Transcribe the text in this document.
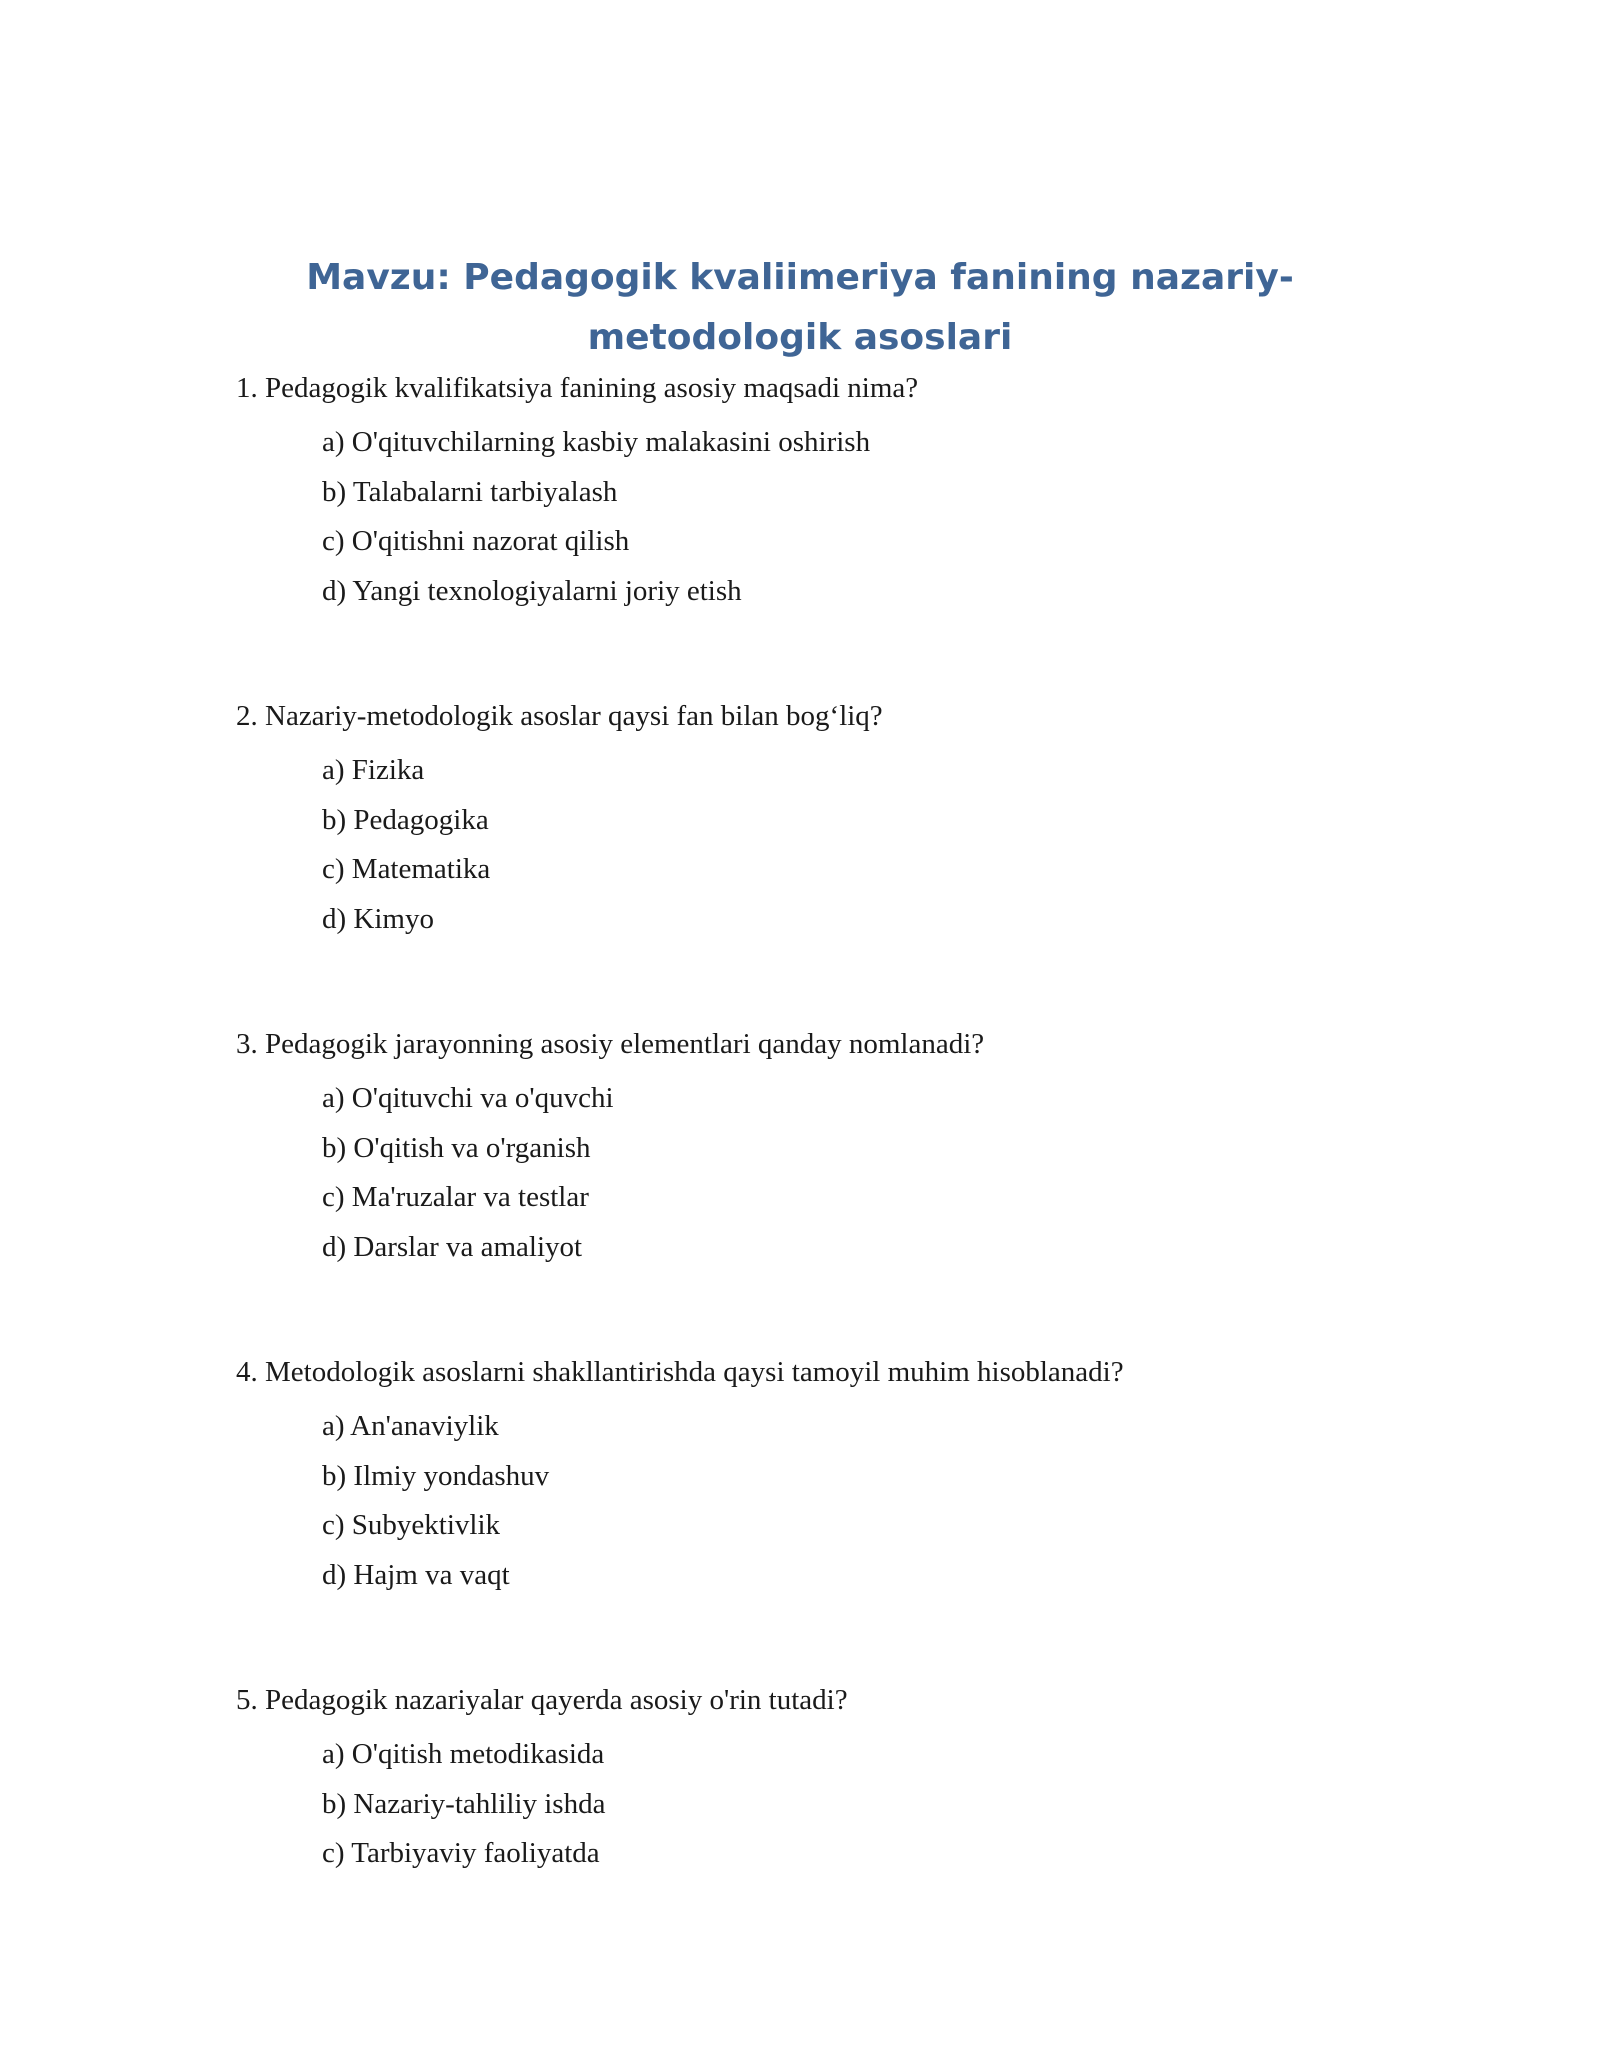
Mavzu: Pedagogik kvaliimeriya fanining nazariy- metodologik asoslari

1. Pedagogik kvalifikatsiya fanining asosiy maqsadi nima?

a) O'qituvchilarning kasbiy malakasini oshirish
b) Talabalarni tarbiyalash
c) O'qitishni nazorat qilish
d) Yangi texnologiyalarni joriy etish

2. Nazariy-metodologik asoslar qaysi fan bilan bog‘liq?

a) Fizika
b) Pedagogika
c) Matematika
d) Kimyo

3. Pedagogik jarayonning asosiy elementlari qanday nomlanadi?

a) O'qituvchi va o'quvchi
b) O'qitish va o'rganish
c) Ma'ruzalar va testlar
d) Darslar va amaliyot

4. Metodologik asoslarni shakllantirishda qaysi tamoyil muhim hisoblanadi?

a) An'anaviylik
b) Ilmiy yondashuv
c) Subyektivlik
d) Hajm va vaqt

5. Pedagogik nazariyalar qayerda asosiy o'rin tutadi?

a) O'qitish metodikasida
b) Nazariy-tahliliy ishda
c) Tarbiyaviy faoliyatda
